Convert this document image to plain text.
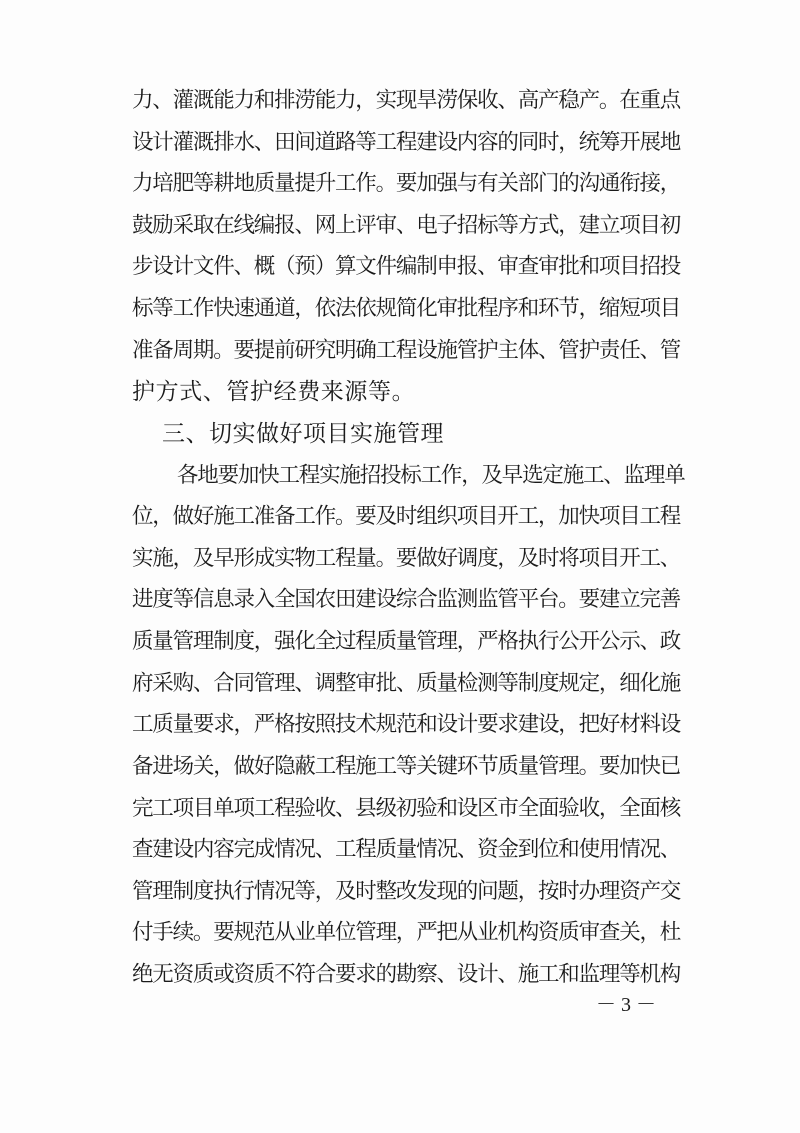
力、灌溉能力和排涝能力，实现旱涝保收、高产稳产。在重点
设计灌溉排水、田间道路等工程建设内容的同时，统筹开展地
力培肥等耕地质量提升工作。要加强与有关部门的沟通衔接，
鼓励采取在线编报、网上评审、电子招标等方式，建立项目初
步设计文件、概（预）算文件编制申报、审查审批和项目招投
标等工作快速通道，依法依规简化审批程序和环节，缩短项目
准备周期。要提前研究明确工程设施管护主体、管护责任、管
护方式、管护经费来源等。
三、切实做好项目实施管理
各地要加快工程实施招投标工作，及早选定施工、监理单
位，做好施工准备工作。要及时组织项目开工，加快项目工程
实施，及早形成实物工程量。要做好调度，及时将项目开工、
进度等信息录入全国农田建设综合监测监管平台。要建立完善
质量管理制度，强化全过程质量管理，严格执行公开公示、政
府采购、合同管理、调整审批、质量检测等制度规定，细化施
工质量要求，严格按照技术规范和设计要求建设，把好材料设
备进场关，做好隐蔽工程施工等关键环节质量管理。要加快已
完工项目单项工程验收、县级初验和设区市全面验收，全面核
查建设内容完成情况、工程质量情况、资金到位和使用情况、
管理制度执行情况等，及时整改发现的问题，按时办理资产交
付手续。要规范从业单位管理，严把从业机构资质审查关，杜
绝无资质或资质不符合要求的勘察、设计、施工和监理等机构
－ 3 －
